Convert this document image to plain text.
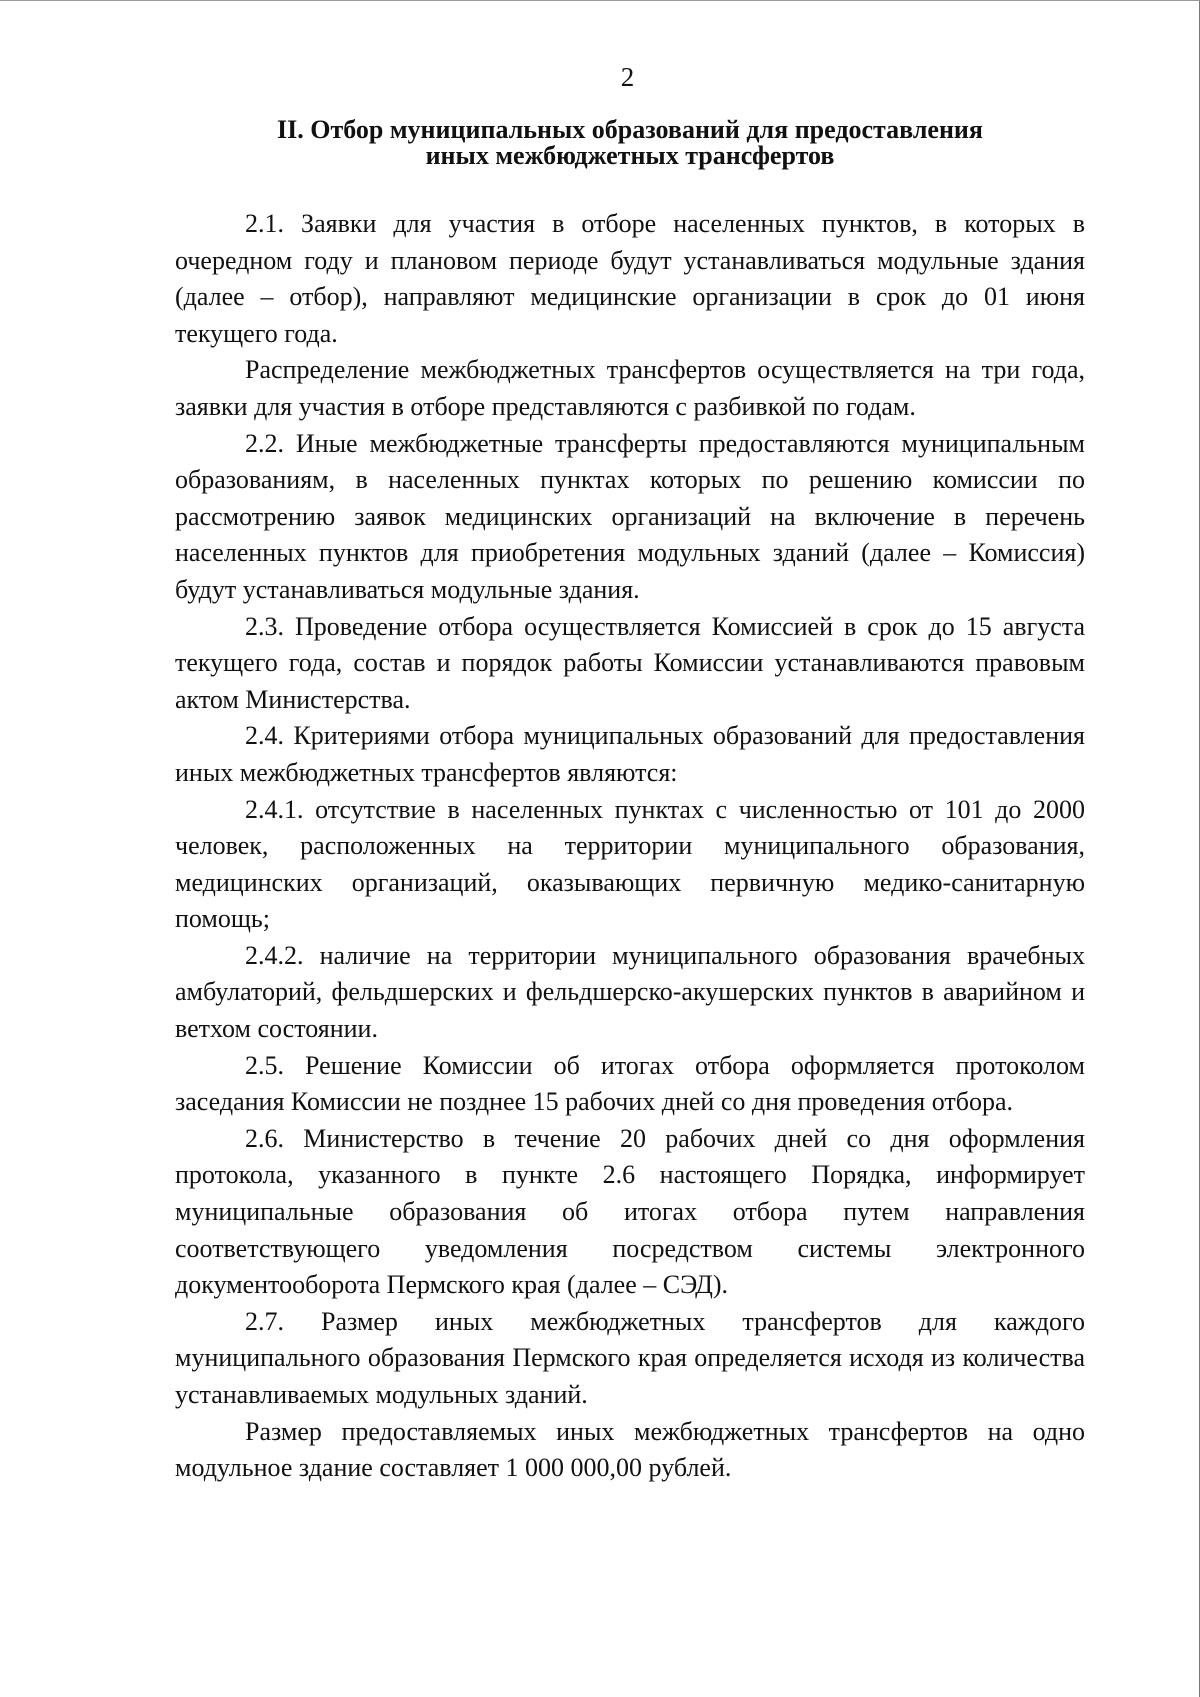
2
II. Отбор муниципальных образований для предоставления
иных межбюджетных трансфертов

2.1. Заявки для участия в отборе населенных пунктов, в которых в очередном году и плановом периоде будут устанавливаться модульные здания (далее – отбор), направляют медицинские организации в срок до 01 июня текущего года.

Распределение межбюджетных трансфертов осуществляется на три года, заявки для участия в отборе представляются с разбивкой по годам.

2.2. Иные межбюджетные трансферты предоставляются муниципальным образованиям, в населенных пунктах которых по решению комиссии по рассмотрению заявок медицинских организаций на включение в перечень населенных пунктов для приобретения модульных зданий (далее – Комиссия) будут устанавливаться модульные здания.

2.3. Проведение отбора осуществляется Комиссией в срок до 15 августа текущего года, состав и порядок работы Комиссии устанавливаются правовым актом Министерства.

2.4. Критериями отбора муниципальных образований для предоставления иных межбюджетных трансфертов являются:

2.4.1. отсутствие в населенных пунктах с численностью от 101 до 2000 человек, расположенных на территории муниципального образования, медицинских организаций, оказывающих первичную медико-санитарную помощь;

2.4.2. наличие на территории муниципального образования врачебных амбулаторий, фельдшерских и фельдшерско-акушерских пунктов в аварийном и ветхом состоянии.

2.5. Решение Комиссии об итогах отбора оформляется протоколом заседания Комиссии не позднее 15 рабочих дней со дня проведения отбора.

2.6. Министерство в течение 20 рабочих дней со дня оформления протокола, указанного в пункте 2.6 настоящего Порядка, информирует муниципальные образования об итогах отбора путем направления соответствующего уведомления посредством системы электронного документооборота Пермского края (далее – СЭД).

2.7. Размер иных межбюджетных трансфертов для каждого муниципального образования Пермского края определяется исходя из количества устанавливаемых модульных зданий.

Размер предоставляемых иных межбюджетных трансфертов на одно модульное здание составляет 1 000 000,00 рублей.
